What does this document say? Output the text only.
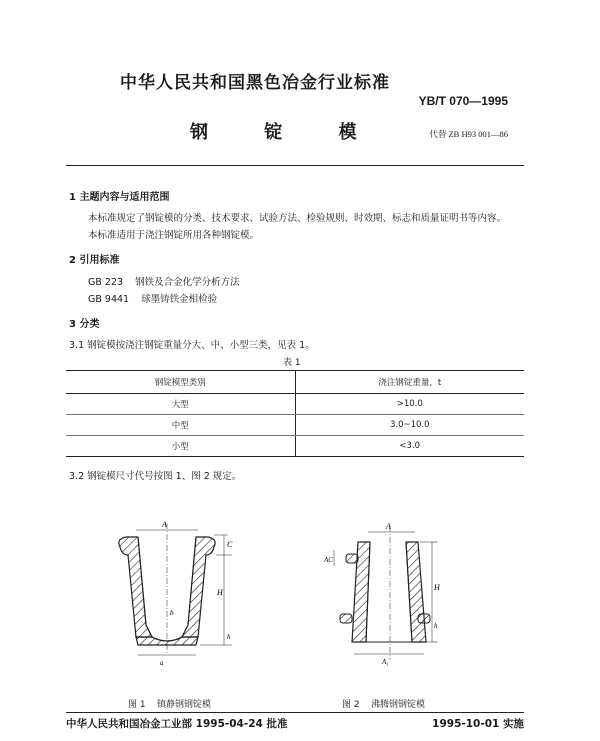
中华人民共和国黑色冶金行业标准
YB/T 070—1995
钢 锭 模	代替 ZB H93 001—86
1 主题内容与适用范围
本标准规定了钢锭模的分类、技术要求、试验方法、检验规则、时效期、标志和质量证明书等内容。
本标准适用于浇注钢锭所用各种钢锭模。
2 引用标准
GB 223    钢铁及合金化学分析方法
GB 9441    球墨铸铁金相检验
3 分类
3.1 钢锭模按浇注钢锭重量分大、中、小型三类，见表 1。
表 1
钢锭模型类别	浇注钢锭重量，t
大型	>10.0
中型	3.0~10.0
小型	<3.0
3.2 钢锭模尺寸代号按图 1、图 2 规定。
A
C
H
h
a
b
图 1    镇静钢钢锭模
A
AC
H
h
A₁
图 2    沸腾钢钢锭模
中华人民共和国冶金工业部 1995-04-24 批准	1995-10-01 实施
